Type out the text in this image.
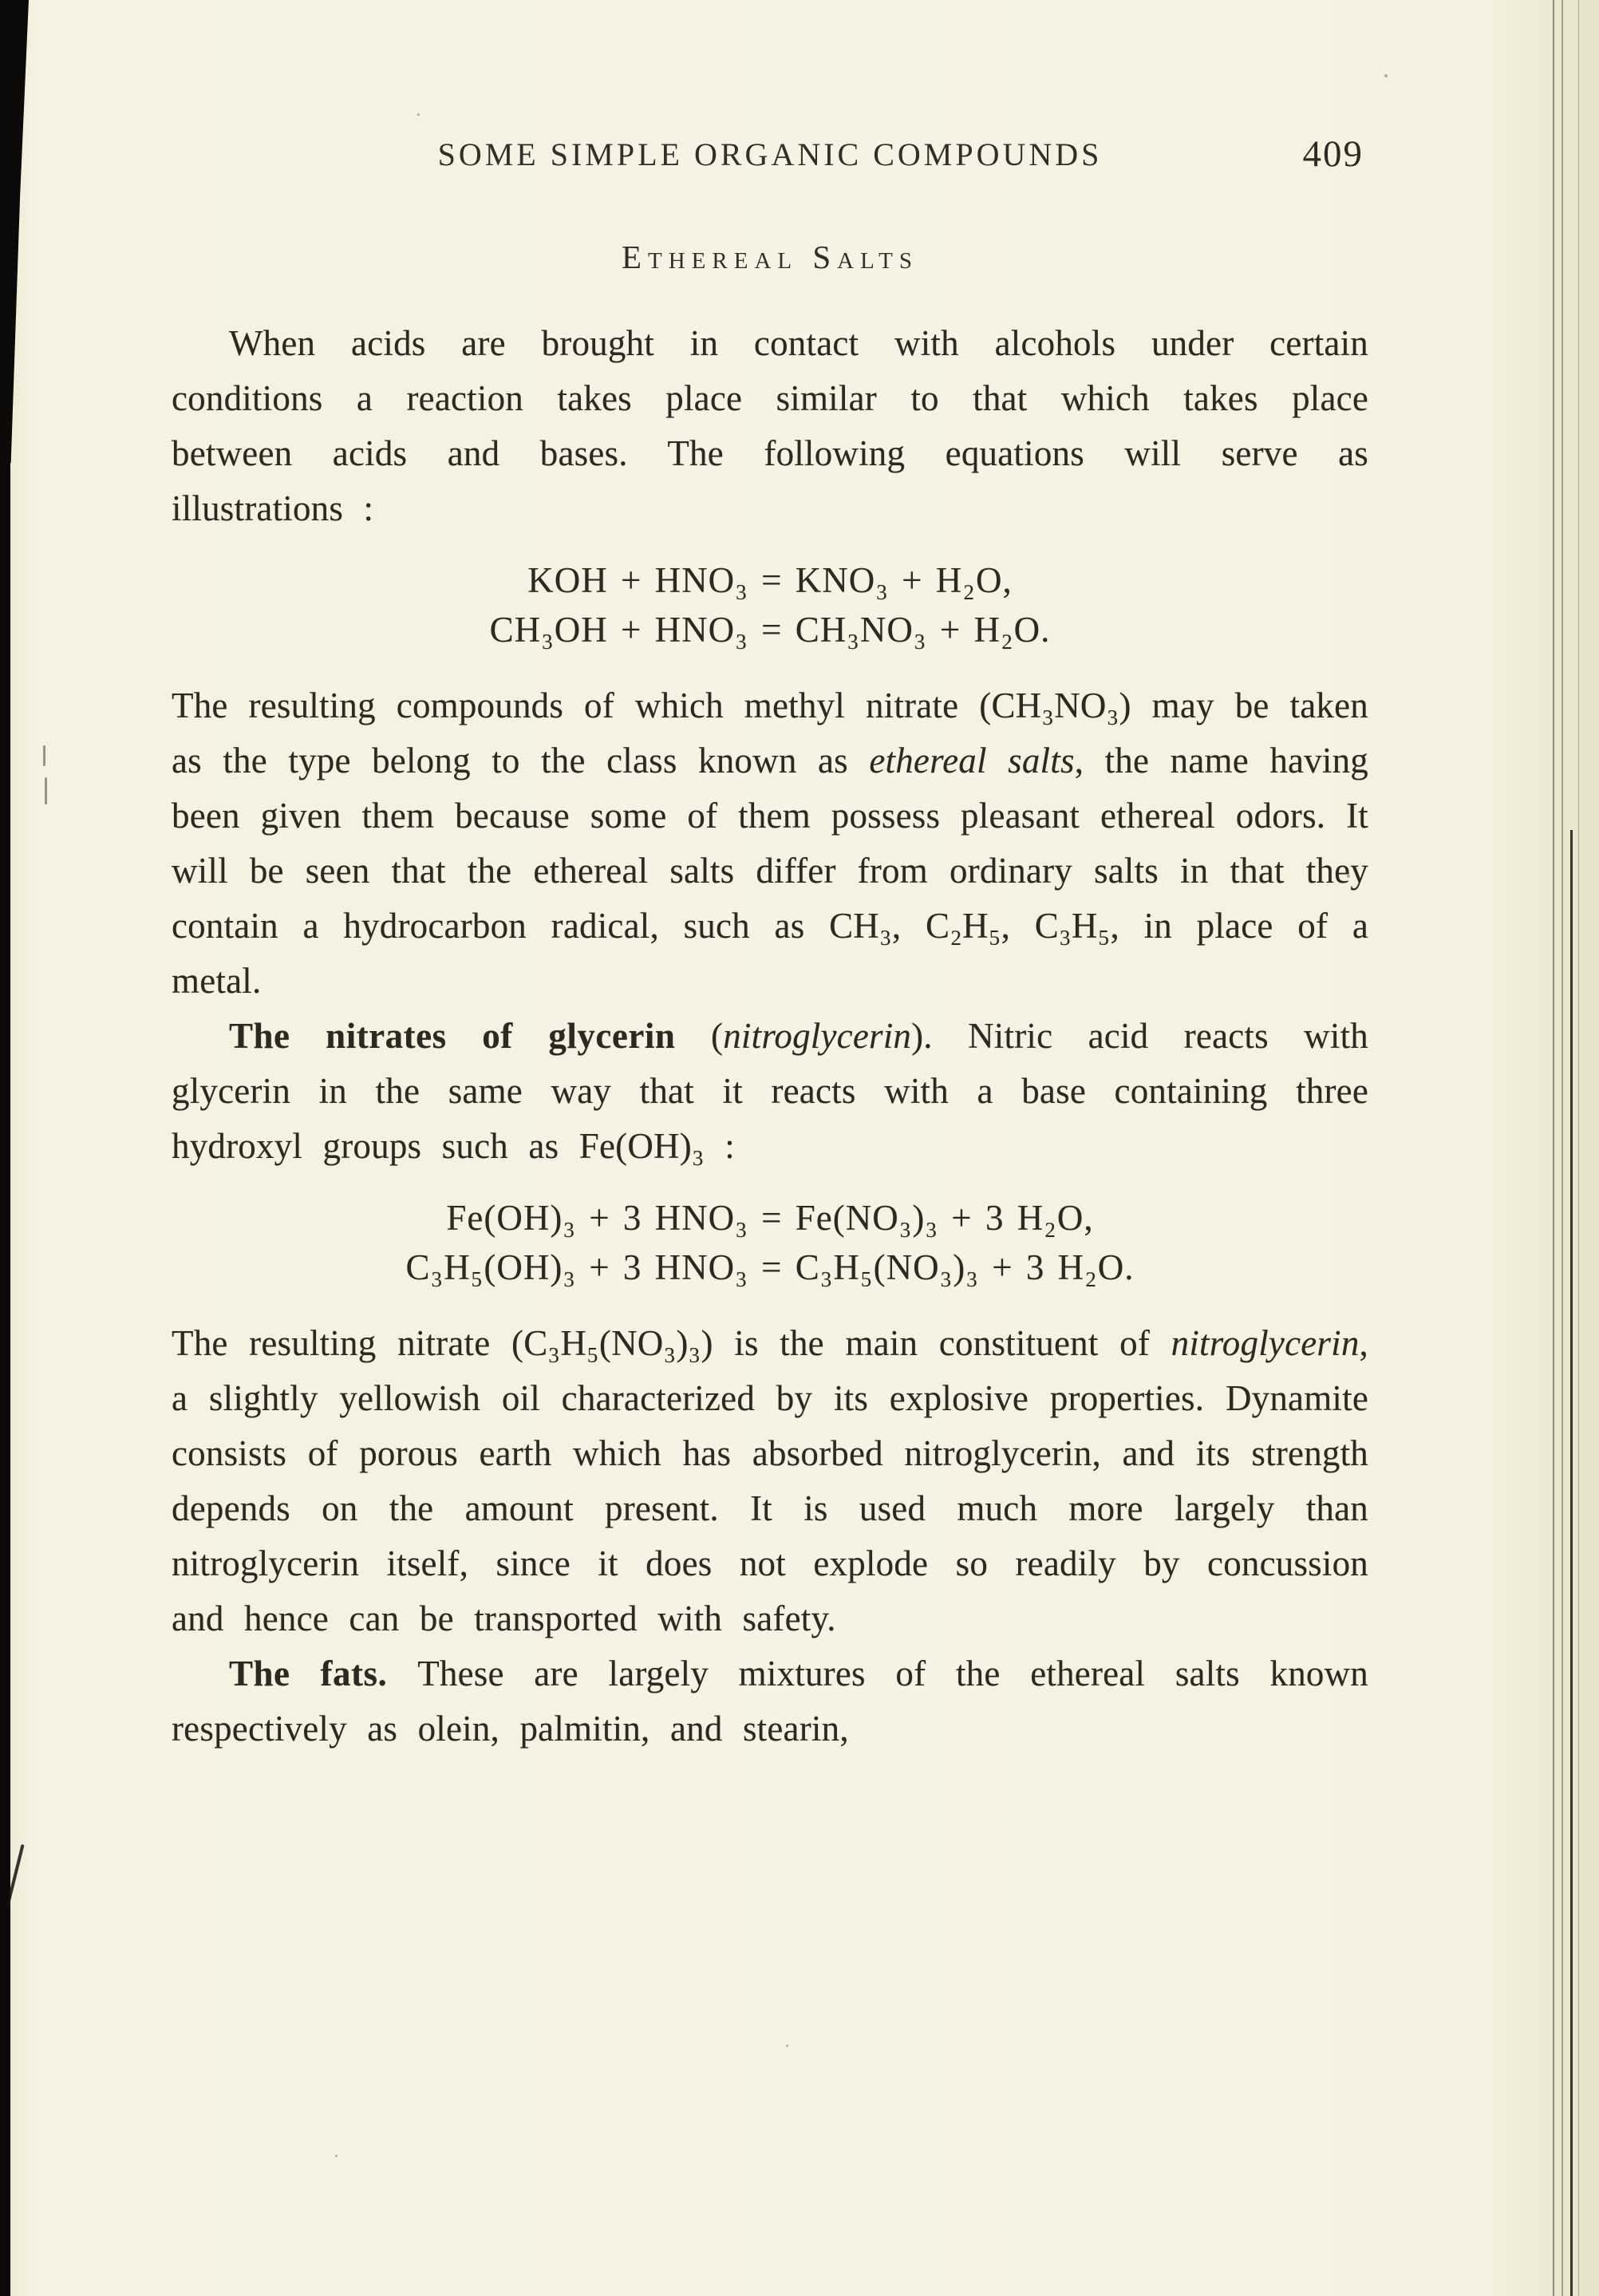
SOME SIMPLE ORGANIC COMPOUNDS	409
Ethereal Salts

When acids are brought in contact with alcohols under certain conditions a reaction takes place similar to that which takes place between acids and bases. The following equations will serve as illustrations :

KOH + HNO₃ = KNO₃ + H₂O,
CH₃OH + HNO₃ = CH₃NO₃ + H₂O.

The resulting compounds of which methyl nitrate (CH₃NO₃) may be taken as the type belong to the class known as ethereal salts, the name having been given them because some of them possess pleasant ethereal odors. It will be seen that the ethereal salts differ from ordinary salts in that they contain a hydrocarbon radical, such as CH₃, C₂H₅, C₃H₅, in place of a metal.

The nitrates of glycerin (nitroglycerin). Nitric acid reacts with glycerin in the same way that it reacts with a base containing three hydroxyl groups such as Fe(OH)₃ :

Fe(OH)₃ + 3 HNO₃ = Fe(NO₃)₃ + 3 H₂O,
C₃H₅(OH)₃ + 3 HNO₃ = C₃H₅(NO₃)₃ + 3 H₂O.

The resulting nitrate (C₃H₅(NO₃)₃) is the main constituent of nitroglycerin, a slightly yellowish oil characterized by its explosive properties. Dynamite consists of porous earth which has absorbed nitroglycerin, and its strength depends on the amount present. It is used much more largely than nitroglycerin itself, since it does not explode so readily by concussion and hence can be transported with safety.

The fats. These are largely mixtures of the ethereal salts known respectively as olein, palmitin, and stearin,
